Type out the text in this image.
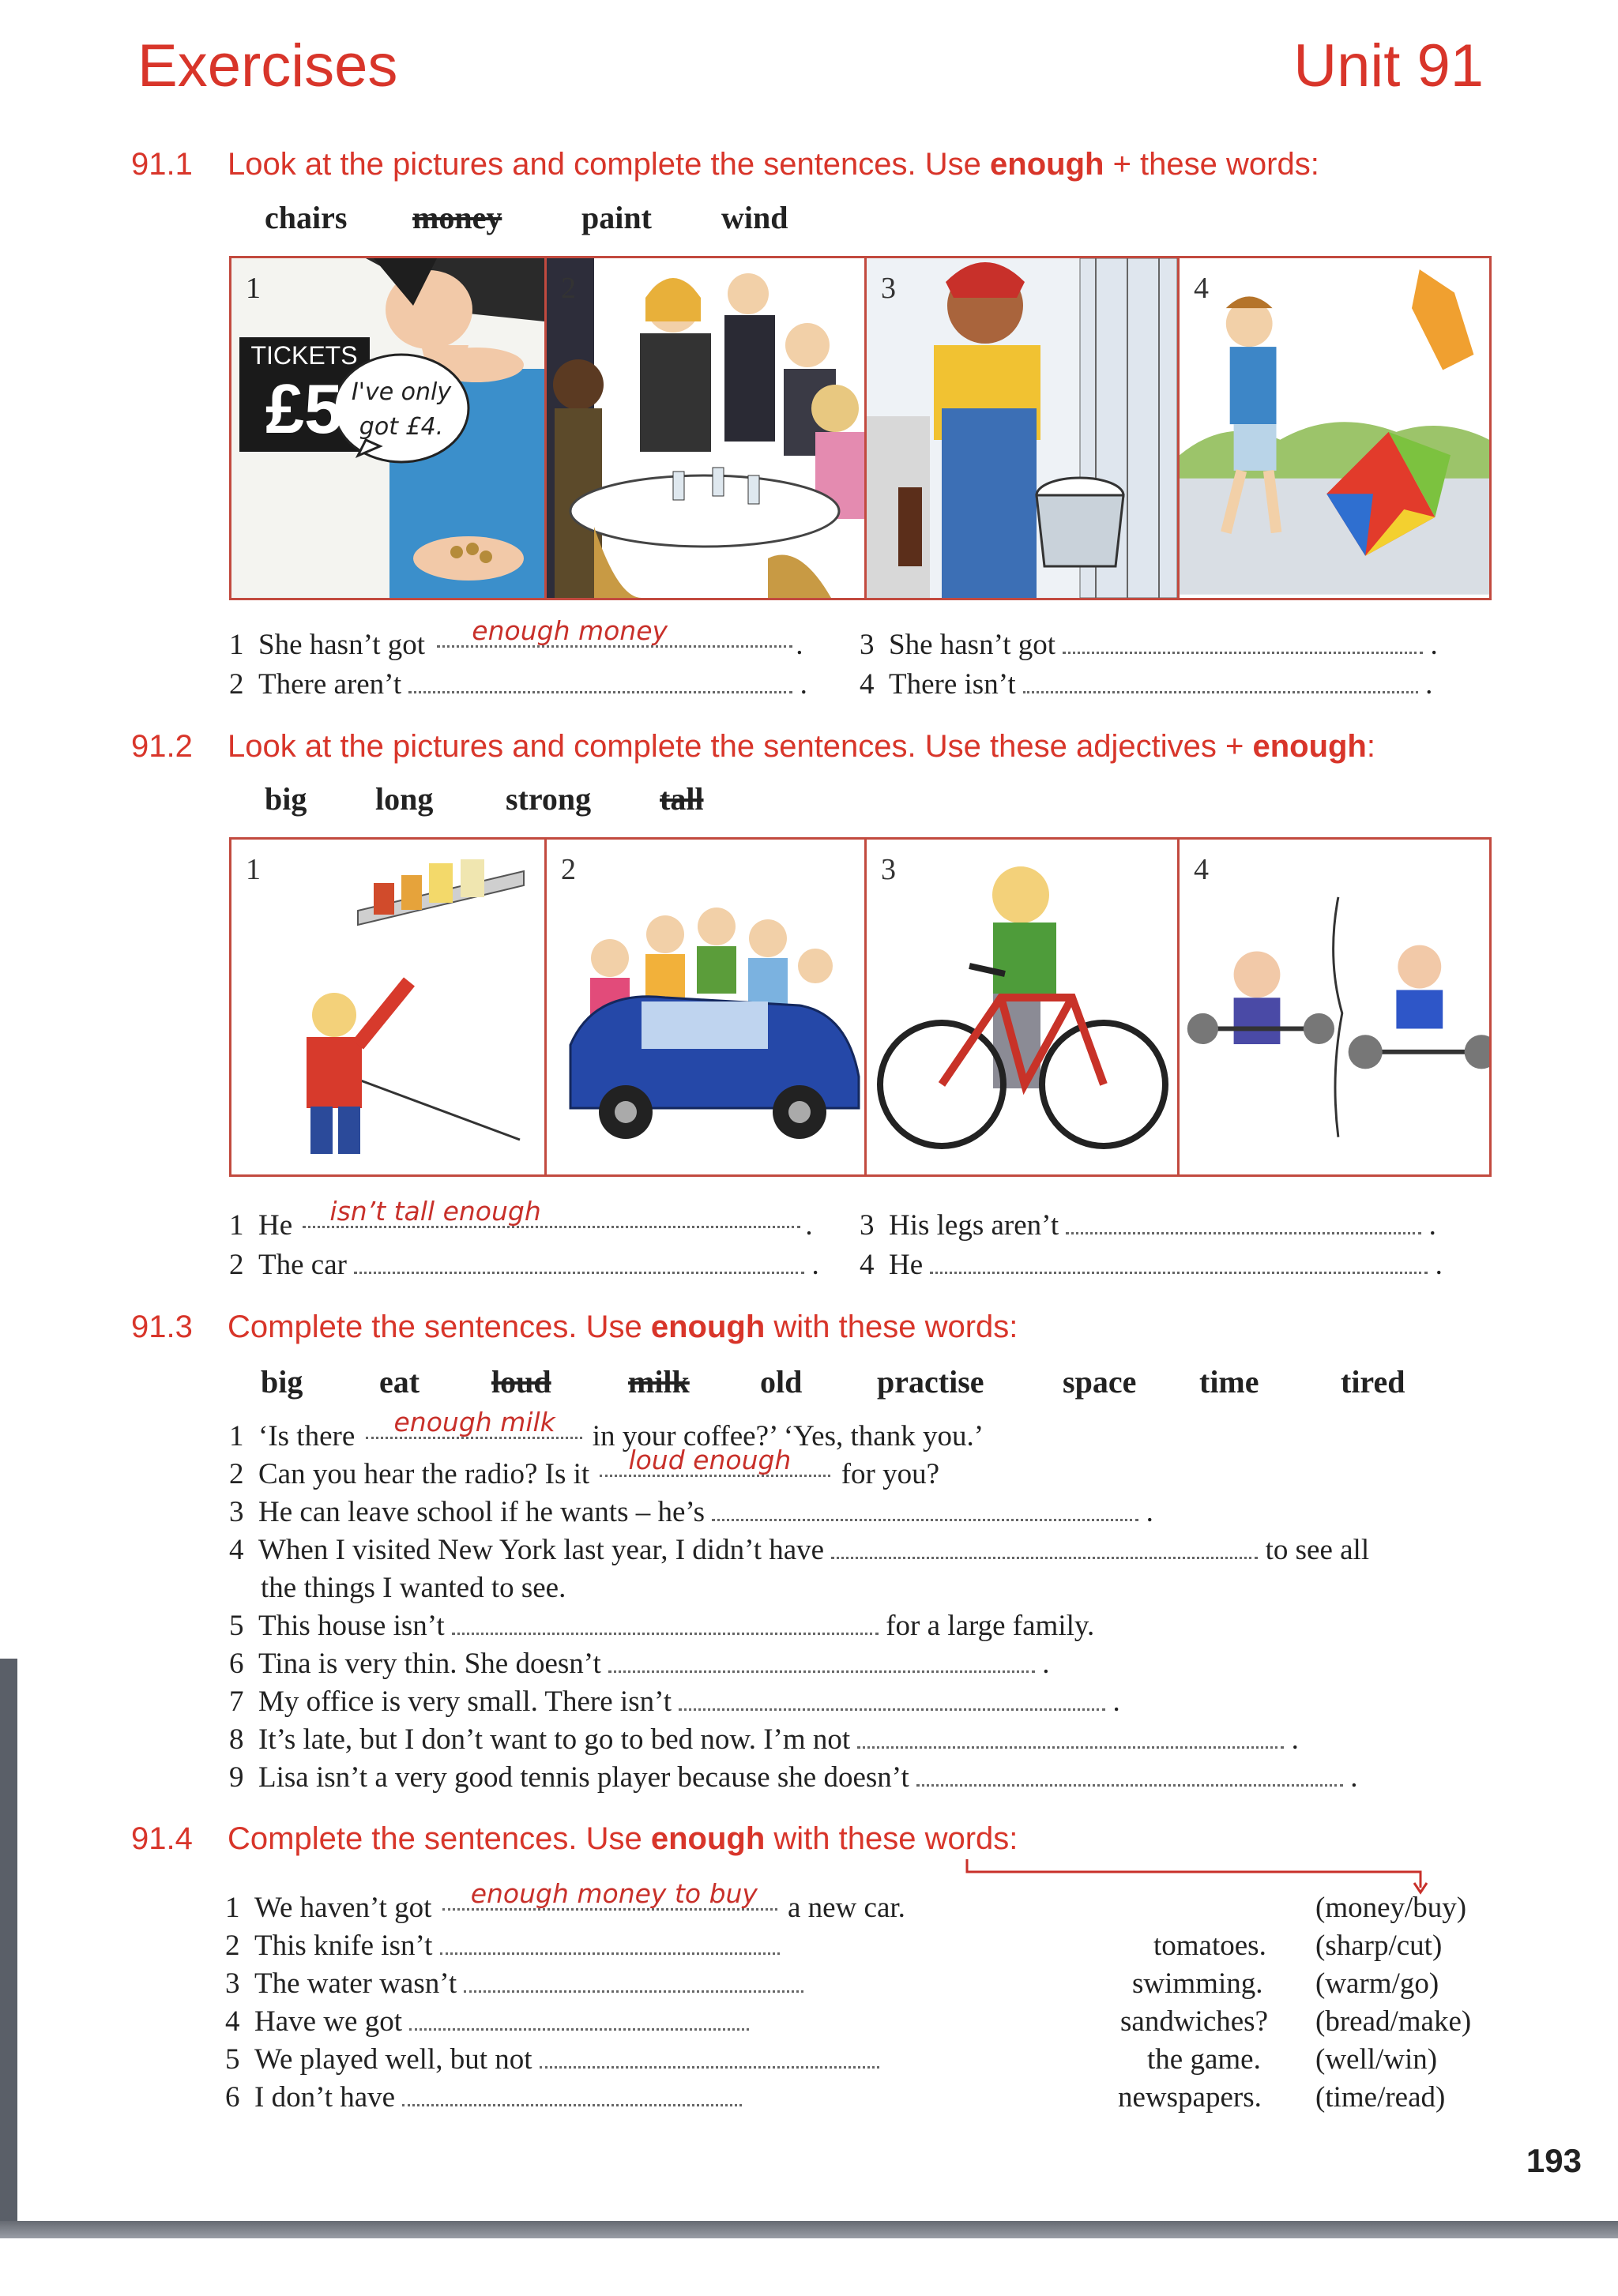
Exercises	Unit 91
91.1 Look at the pictures and complete the sentences. Use enough + these words:
chairs money	paint wind
1
TICKETS
£5 I've only got £4.
2	3	4
1 She hasn’t got enough money	.
2 There aren’t	.
3 She hasn’t got	.
4 There isn’t	.
91.2 Look at the pictures and complete the sentences. Use these adjectives + enough:
big long strong tall
1	2	3	4
1 He isn’t tall enough	.
2 The car	.
3 His legs aren’t	.
4 He	.
91.3 Complete the sentences. Use enough with these words:
big eat loud milk old practise space time	tired
1 ‘Is there enough milk in your coffee?’ ‘Yes, thank you.’
2 Can you hear the radio? Is it loud enough for you?
3 He can leave school if he wants – he’s	.
4 When I visited New York last year, I didn’t have	to see all
the things I wanted to see.
5 This house isn’t	for a large family.
6 Tina is very thin. She doesn’t	.
7 My office is very small. There isn’t	.
8 It’s late, but I don’t want to go to bed now. I’m not	.
9 Lisa isn’t a very good tennis player because she doesn’t	.
91.4 Complete the sentences. Use enough with these words:
1 We haven’t got enough money to buy a new car.	(money/buy)
2 This knife isn’t	tomatoes. (sharp/cut)
3 The water wasn’t	swimming. (warm/go)
4 Have we got	sandwiches? (bread/make)
5 We played well, but not	the game. (well/win)
6 I don’t have	newspapers. (time/read)
193
